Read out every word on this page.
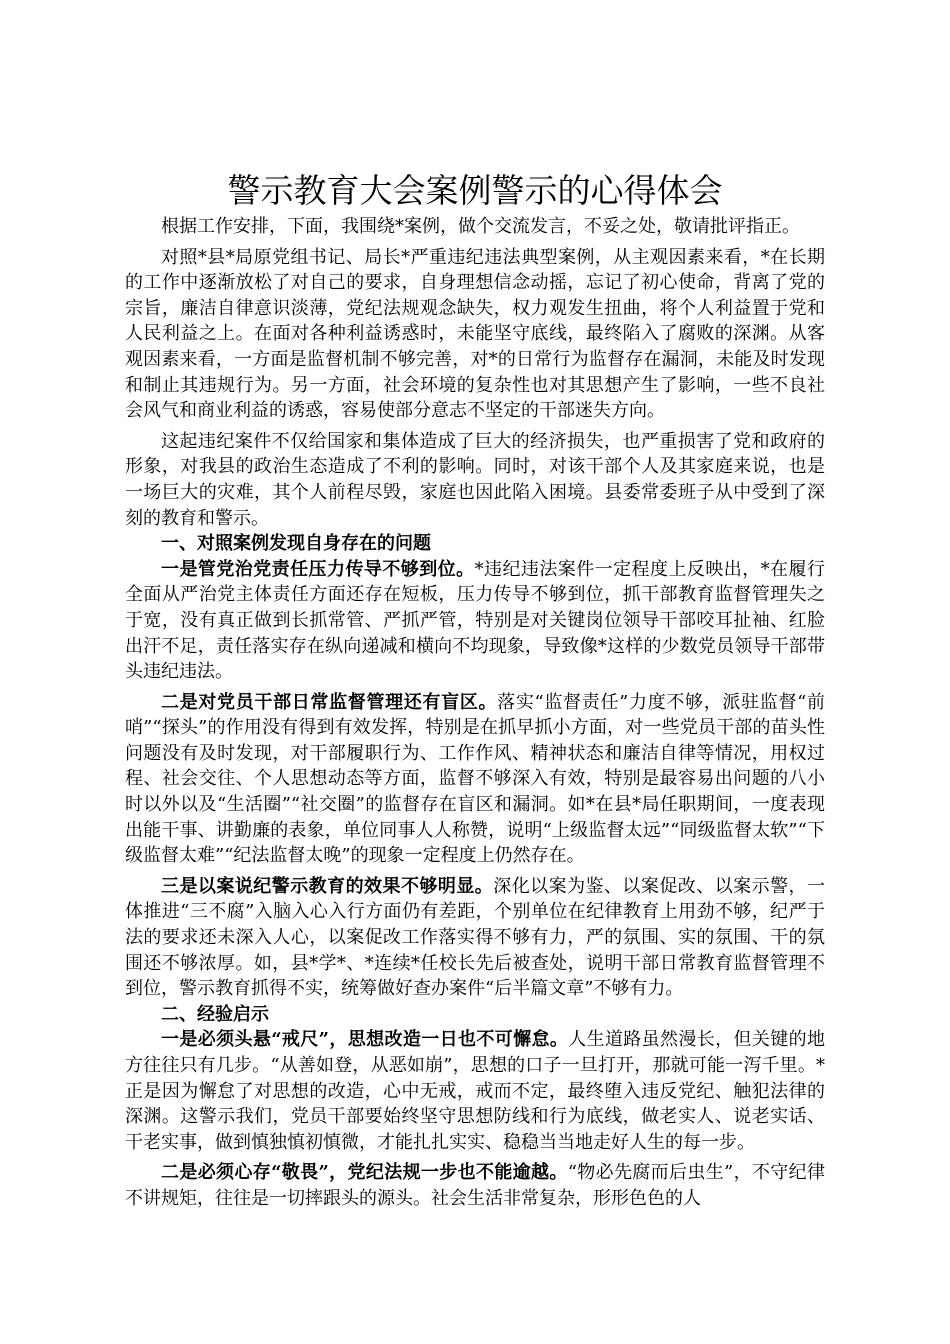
警示教育大会案例警示的心得体会

根据工作安排，下面，我围绕*案例，做个交流发言，不妥之处，敬请批评指正。

对照*县*局原党组书记、局长*严重违纪违法典型案例，从主观因素来看，*在长期的工作中逐渐放松了对自己的要求，自身理想信念动摇，忘记了初心使命，背离了党的宗旨，廉洁自律意识淡薄，党纪法规观念缺失，权力观发生扭曲，将个人利益置于党和人民利益之上。在面对各种利益诱惑时，未能坚守底线，最终陷入了腐败的深渊。从客观因素来看，一方面是监督机制不够完善，对*的日常行为监督存在漏洞，未能及时发现和制止其违规行为。另一方面，社会环境的复杂性也对其思想产生了影响，一些不良社会风气和商业利益的诱惑，容易使部分意志不坚定的干部迷失方向。

这起违纪案件不仅给国家和集体造成了巨大的经济损失，也严重损害了党和政府的形象，对我县的政治生态造成了不利的影响。同时，对该干部个人及其家庭来说，也是一场巨大的灾难，其个人前程尽毁，家庭也因此陷入困境。县委常委班子从中受到了深刻的教育和警示。

一、对照案例发现自身存在的问题

一是管党治党责任压力传导不够到位。*违纪违法案件一定程度上反映出，*在履行全面从严治党主体责任方面还存在短板，压力传导不够到位，抓干部教育监督管理失之于宽，没有真正做到长抓常管、严抓严管，特别是对关键岗位领导干部咬耳扯袖、红脸出汗不足，责任落实存在纵向递减和横向不均现象，导致像*这样的少数党员领导干部带头违纪违法。

二是对党员干部日常监督管理还有盲区。落实“监督责任”力度不够，派驻监督“前哨”“探头”的作用没有得到有效发挥，特别是在抓早抓小方面，对一些党员干部的苗头性问题没有及时发现，对干部履职行为、工作作风、精神状态和廉洁自律等情况，用权过程、社会交往、个人思想动态等方面，监督不够深入有效，特别是最容易出问题的八小时以外以及“生活圈”“社交圈”的监督存在盲区和漏洞。如*在县*局任职期间，一度表现出能干事、讲勤廉的表象，单位同事人人称赞，说明“上级监督太远”“同级监督太软”“下级监督太难”“纪法监督太晚”的现象一定程度上仍然存在。

三是以案说纪警示教育的效果不够明显。深化以案为鉴、以案促改、以案示警，一体推进“三不腐”入脑入心入行方面仍有差距，个别单位在纪律教育上用劲不够，纪严于法的要求还未深入人心，以案促改工作落实得不够有力，严的氛围、实的氛围、干的氛围还不够浓厚。如，县*学*、*连续*任校长先后被查处，说明干部日常教育监督管理不到位，警示教育抓得不实，统筹做好查办案件“后半篇文章”不够有力。

二、经验启示

一是必须头悬“戒尺”，思想改造一日也不可懈怠。人生道路虽然漫长，但关键的地方往往只有几步。“从善如登，从恶如崩”，思想的口子一旦打开，那就可能一泻千里。*正是因为懈怠了对思想的改造，心中无戒，戒而不定，最终堕入违反党纪、触犯法律的深渊。这警示我们，党员干部要始终坚守思想防线和行为底线，做老实人、说老实话、干老实事，做到慎独慎初慎微，才能扎扎实实、稳稳当当地走好人生的每一步。

二是必须心存“敬畏”，党纪法规一步也不能逾越。“物必先腐而后虫生”，不守纪律不讲规矩，往往是一切摔跟头的源头。社会生活非常复杂，形形色色的人
